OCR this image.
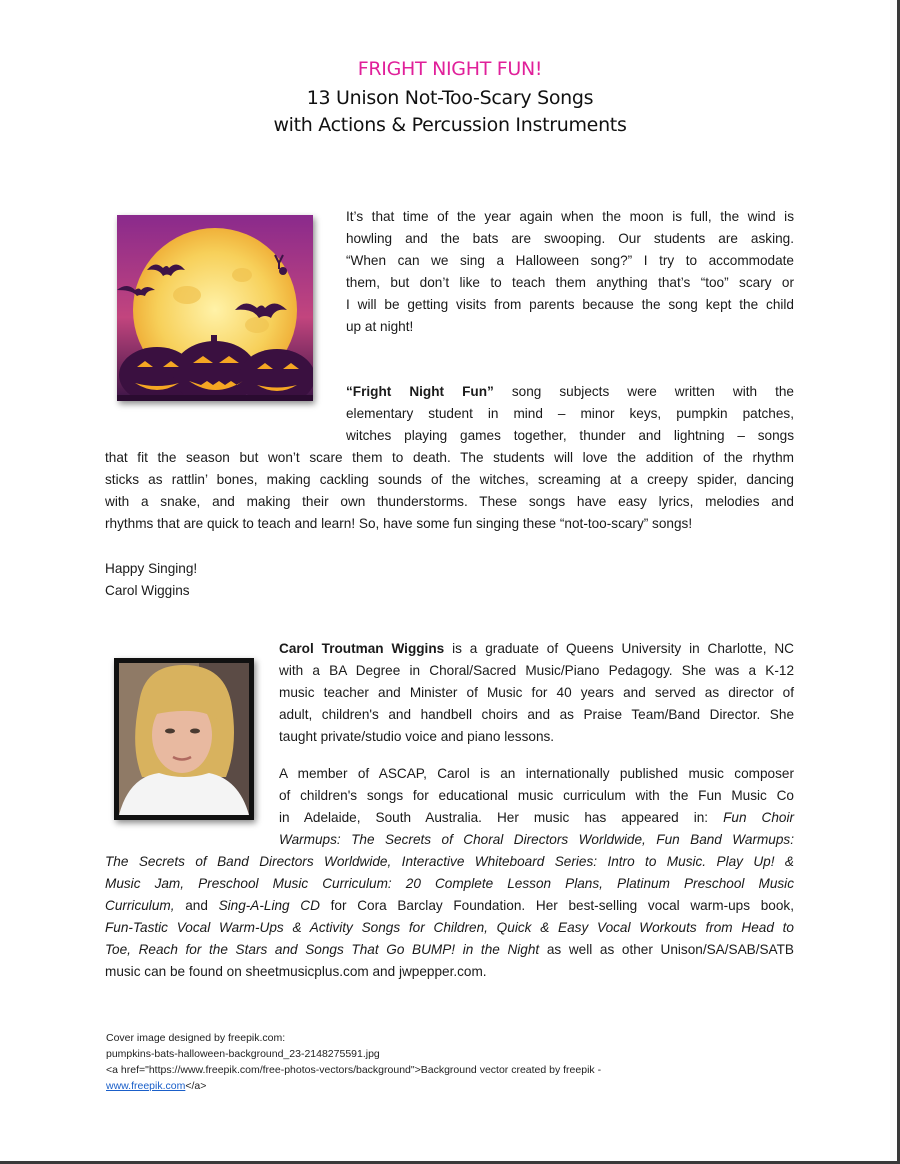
FRIGHT NIGHT FUN!
13 Unison Not-Too-Scary Songs
with Actions & Percussion Instruments
It’s that time of the year again when the moon is full, the wind is
howling and the bats are swooping. Our students are asking.
“When can we sing a Halloween song?” I try to accommodate
them, but don’t like to teach them anything that’s “too” scary or
I will be getting visits from parents because the song kept the child
up at night!
“Fright Night Fun” song subjects were written with the
elementary student in mind – minor keys, pumpkin patches,
witches playing games together, thunder and lightning – songs
that fit the season but won’t scare them to death. The students will love the addition of the rhythm
sticks as rattlin’ bones, making cackling sounds of the witches, screaming at a creepy spider, dancing
with a snake, and making their own thunderstorms. These songs have easy lyrics, melodies and
rhythms that are quick to teach and learn! So, have some fun singing these “not-too-scary” songs!
Happy Singing!
Carol Wiggins
Carol Troutman Wiggins is a graduate of Queens University in Charlotte, NC
with a BA Degree in Choral/Sacred Music/Piano Pedagogy. She was a K-12
music teacher and Minister of Music for 40 years and served as director of
adult, children's and handbell choirs and as Praise Team/Band Director. She
taught private/studio voice and piano lessons.
A member of ASCAP, Carol is an internationally published music composer
of children's songs for educational music curriculum with the Fun Music Co
in Adelaide, South Australia. Her music has appeared in: Fun Choir
Warmups: The Secrets of Choral Directors Worldwide, Fun Band Warmups:
The Secrets of Band Directors Worldwide, Interactive Whiteboard Series: Intro to Music. Play Up! &
Music Jam, Preschool Music Curriculum: 20 Complete Lesson Plans, Platinum Preschool Music
Curriculum, and Sing-A-Ling CD for Cora Barclay Foundation. Her best-selling vocal warm-ups book,
Fun-Tastic Vocal Warm-Ups & Activity Songs for Children, Quick & Easy Vocal Workouts from Head to
Toe, Reach for the Stars and Songs That Go BUMP! in the Night as well as other Unison/SA/SAB/SATB
music can be found on sheetmusicplus.com and jwpepper.com.
Cover image designed by freepik.com:
pumpkins-bats-halloween-background_23-2148275591.jpg
<a href="https://www.freepik.com/free-photos-vectors/background">Background vector created by freepik -
www.freepik.com</a>
